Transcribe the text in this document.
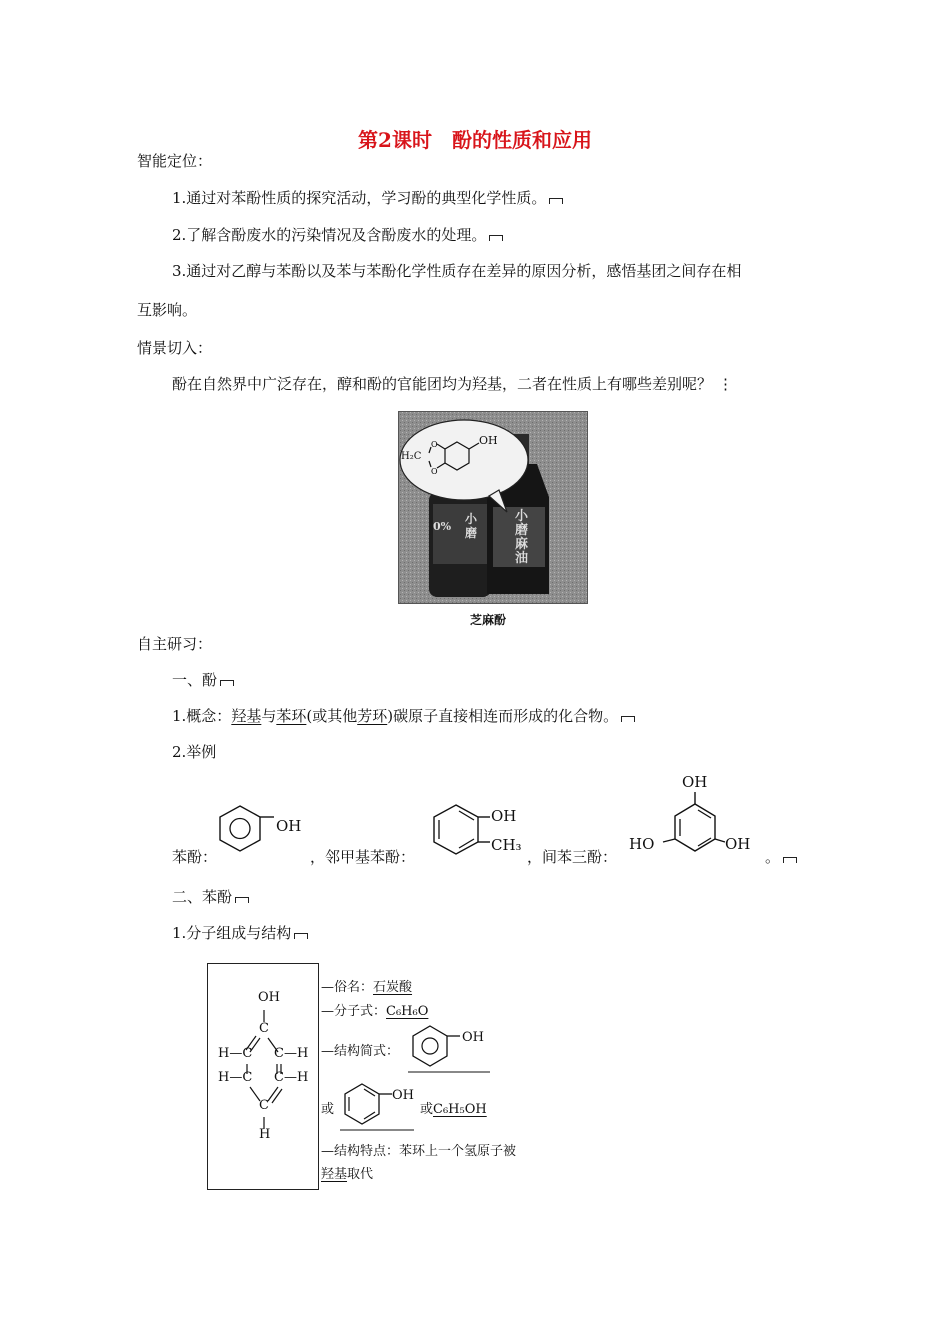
第2课时　酚的性质和应用
智能定位：
1.通过对苯酚性质的探究活动，学习酚的典型化学性质。
2.了解含酚废水的污染情况及含酚废水的处理。
3.通过对乙醇与苯酚以及苯与苯酚化学性质存在差异的原因分析，感悟基团之间存在相
互影响。
情景切入：
酚在自然界中广泛存在，醇和酚的官能团均为羟基，二者在性质上有哪些差别呢？ ⋮
O
O
OH
H₂C
0%
小
磨
小
磨
麻
油
芝麻酚
自主研习：
一、酚
1.概念：羟基与苯环(或其他芳环)碳原子直接相连而形成的化合物。
2.举例
苯酚：
OH
，邻甲基苯酚：
OH
CH₃
，间苯三酚：
OH
HO	OH
。
二、苯酚
1.分子组成与结构
OH
C
H—C C—H
H—C C—H
C
H
—俗名：石炭酸
—分子式：C₆H₆O
—结构简式：
OH
或
OH
或C₆H₅OH
—结构特点：苯环上一个氢原子被
羟基取代
